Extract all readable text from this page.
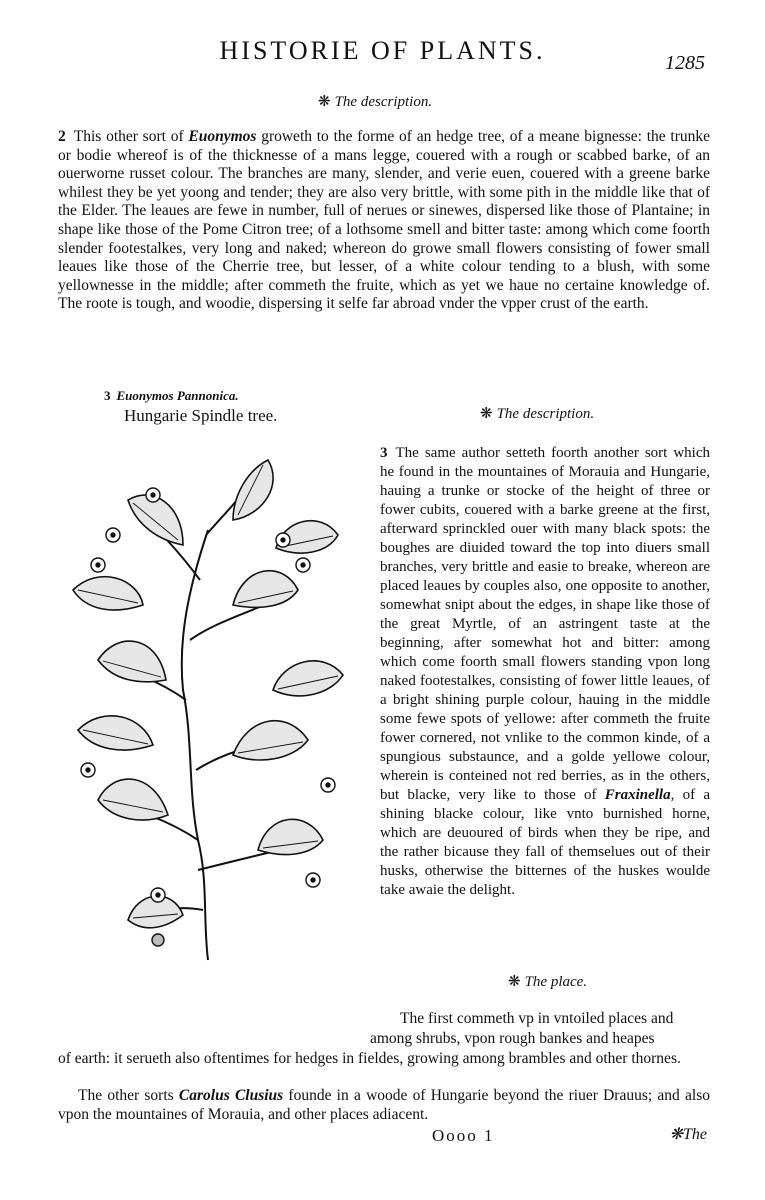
HISTORIE OF PLANTS.	1285
❋ The description.

2 This other sort of Euonymos groweth to the forme of an hedge tree, of a meane bignesse: the trunke or bodie whereof is of the thicknesse of a mans legge, couered with a rough or scabbed barke, of an ouerworne russet colour. The branches are many, slender, and verie euen, couered with a greene barke whilest they be yet yoong and tender; they are also very brittle, with some pith in the middle like that of the Elder. The leaues are fewe in number, full of nerues or sinewes, dispersed like those of Plantaine; in shape like those of the Pome Citron tree; of a lothsome smell and bitter taste: among which come foorth slender footestalkes, very long and naked; whereon do growe small flowers consisting of fower small leaues like those of the Cherrie tree, but lesser, of a white colour tending to a blush, with some yellownesse in the middle; after commeth the fruite, which as yet we haue no certaine knowledge of. The roote is tough, and woodie, dispersing it selfe far abroad vnder the vpper crust of the earth.

3 Euonymos Pannonica.
Hungarie Spindle tree.	❋ The description.

3 The same author setteth foorth another sort which he found in the mountaines of Morauia and Hungarie, hauing a trunke or stocke of the height of three or fower cubits, couered with a barke greene at the first, afterward sprinckled ouer with many black spots: the boughes are diuided toward the top into diuers small branches, very brittle and easie to breake, whereon are placed leaues by couples also, one opposite to another, somewhat snipt about the edges, in shape like those of the great Myrtle, of an astringent taste at the beginning, after somewhat hot and bitter: among which come foorth small flowers standing vpon long naked footestalkes, consisting of fower little leaues, of a bright shining purple colour, hauing in the middle some fewe spots of yellowe: after commeth the fruite fower cornered, not vnlike to the common kinde, of a spungious substaunce, and a golde yellowe colour, wherein is conteined not red berries, as in the others, but blacke, very like to those of Fraxinella, of a shining blacke colour, like vnto burnished horne, which are deuoured of birds when they be ripe, and the rather bicause they fall of themselues out of their husks, otherwise the bitternes of the huskes woulde take awaie the delight.

❋ The place.
The first commeth vp in vntoiled places and
among shrubs, vpon rough bankes and heapes

of earth: it serueth also oftentimes for hedges in fieldes, growing among brambles and other thornes.

The other sorts Carolus Clusius founde in a woode of Hungarie beyond the riuer Drauus; and also vpon the mountaines of Morauia, and other places adiacent.

Oooo 1	❋The
